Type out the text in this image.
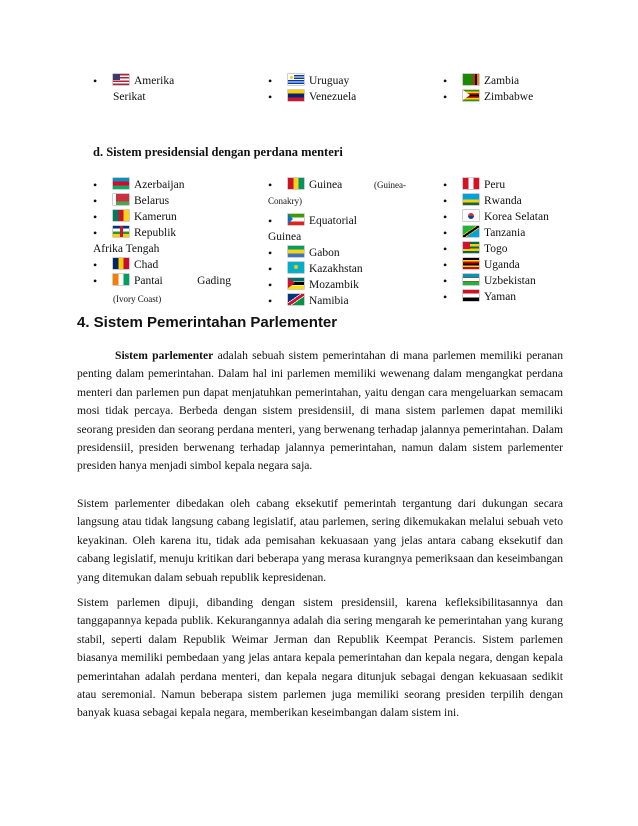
• Amerika
Serikat
• Uruguay
• Venezuela
• Zambia
• Zimbabwe
d. Sistem presidensial dengan perdana menteri
• Azerbaijan
• Belarus
• Kamerun
• Republik
Afrika Tengah
• Chad
• Pantai	Gading
(Ivory Coast)
• Guinea	(Guinea-
Conakry)
• Equatorial
Guinea
• Gabon
• Kazakhstan
• Mozambik
• Namibia
• Peru
• Rwanda
• Korea Selatan
• Tanzania
• Togo
• Uganda
• Uzbekistan
• Yaman
4. Sistem Pemerintahan Parlementer

Sistem parlementer adalah sebuah sistem pemerintahan di mana parlemen memiliki peranan penting dalam pemerintahan. Dalam hal ini parlemen memiliki wewenang dalam mengangkat perdana menteri dan parlemen pun dapat menjatuhkan pemerintahan, yaitu dengan cara mengeluarkan semacam mosi tidak percaya. Berbeda dengan sistem presidensiil, di mana sistem parlemen dapat memiliki seorang presiden dan seorang perdana menteri, yang berwenang terhadap jalannya pemerintahan. Dalam presidensiil, presiden berwenang terhadap jalannya pemerintahan, namun dalam sistem parlementer presiden hanya menjadi simbol kepala negara saja.

Sistem parlementer dibedakan oleh cabang eksekutif pemerintah tergantung dari dukungan secara langsung atau tidak langsung cabang legislatif, atau parlemen, sering dikemukakan melalui sebuah veto keyakinan. Oleh karena itu, tidak ada pemisahan kekuasaan yang jelas antara cabang eksekutif dan cabang legislatif, menuju kritikan dari beberapa yang merasa kurangnya pemeriksaan dan keseimbangan yang ditemukan dalam sebuah republik kepresidenan.

Sistem parlemen dipuji, dibanding dengan sistem presidensiil, karena kefleksibilitasannya dan tanggapannya kepada publik. Kekurangannya adalah dia sering mengarah ke pemerintahan yang kurang stabil, seperti dalam Republik Weimar Jerman dan Republik Keempat Perancis. Sistem parlemen biasanya memiliki pembedaan yang jelas antara kepala pemerintahan dan kepala negara, dengan kepala pemerintahan adalah perdana menteri, dan kepala negara ditunjuk sebagai dengan kekuasaan sedikit atau seremonial. Namun beberapa sistem parlemen juga memiliki seorang presiden terpilih dengan banyak kuasa sebagai kepala negara, memberikan keseimbangan dalam sistem ini.
